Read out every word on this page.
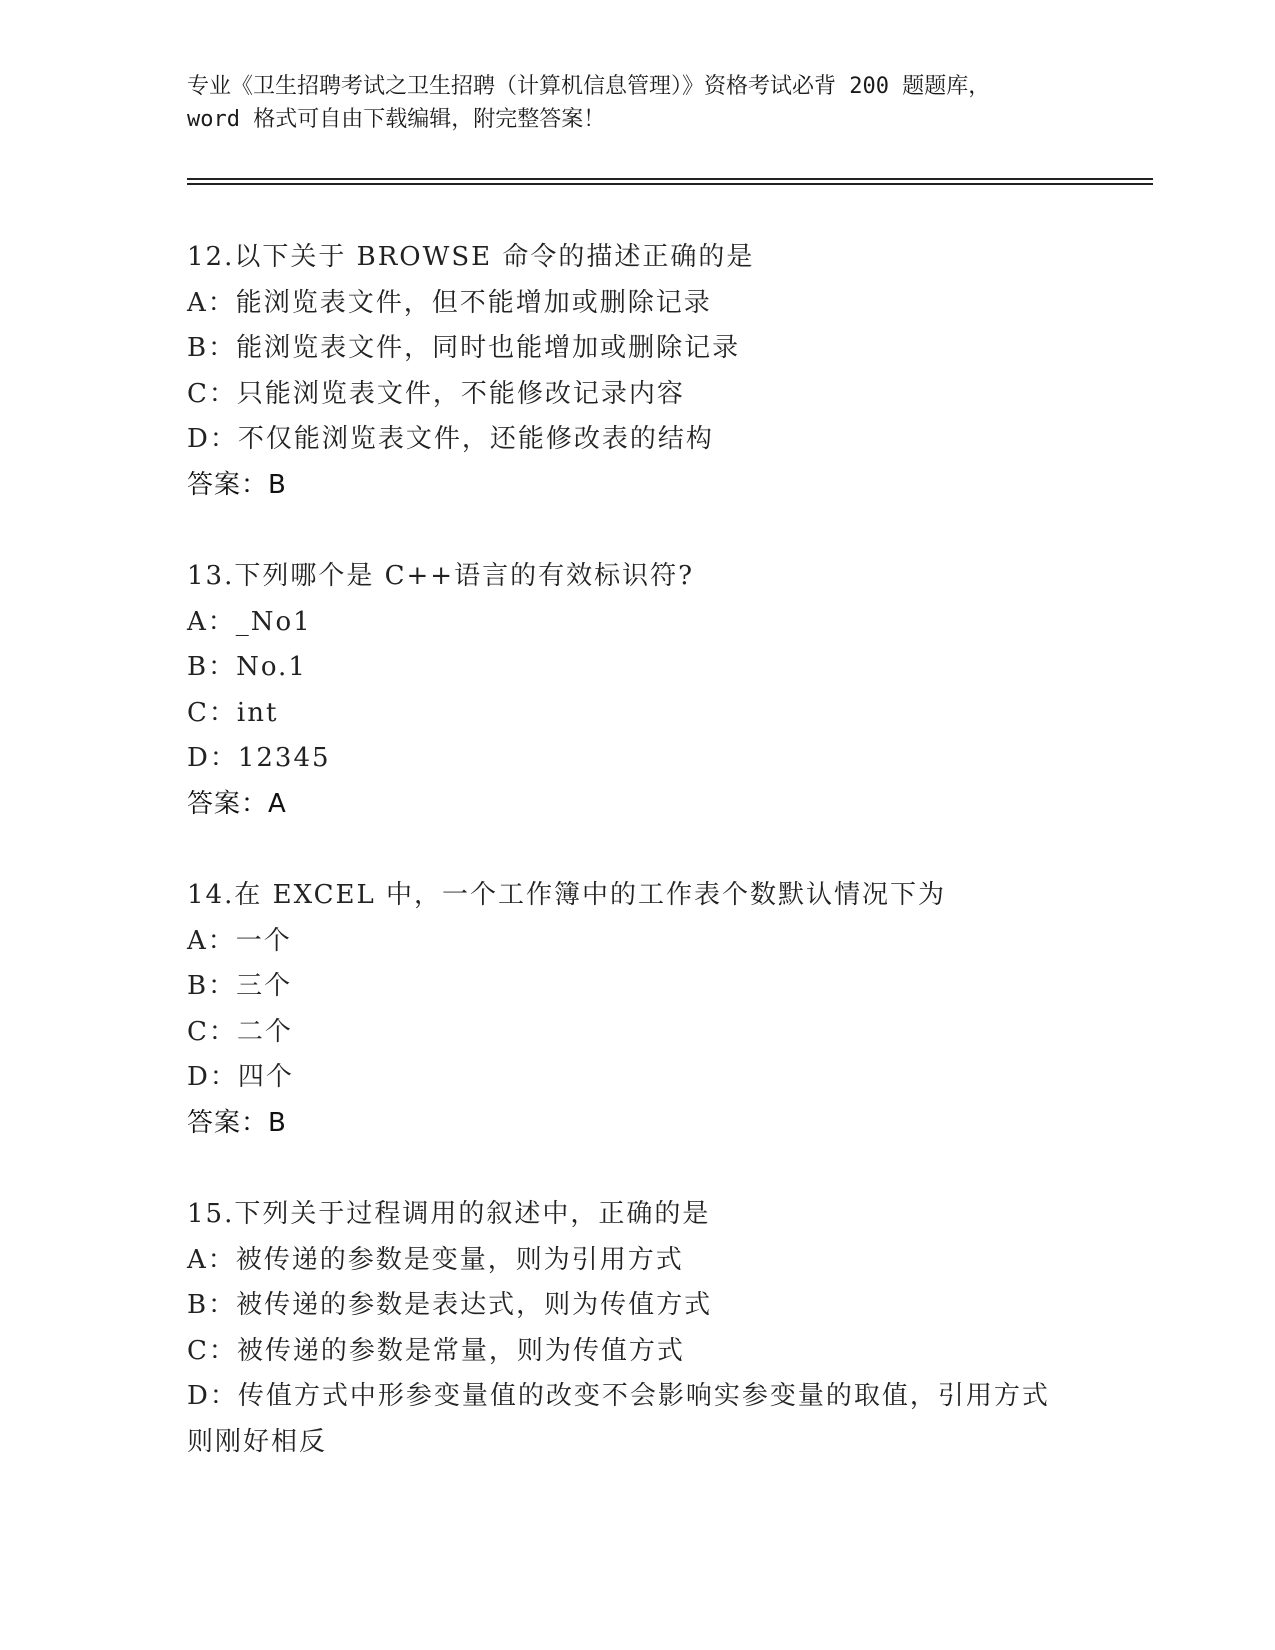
专业《卫生招聘考试之卫生招聘（计算机信息管理）》资格考试必背 200 题题库，
word 格式可自由下载编辑，附完整答案！
12.以下关于 BROWSE 命令的描述正确的是
A：能浏览表文件，但不能增加或删除记录
B：能浏览表文件，同时也能增加或删除记录
C：只能浏览表文件，不能修改记录内容
D：不仅能浏览表文件，还能修改表的结构
答案：B
13.下列哪个是 C++语言的有效标识符?
A：_No1
B：No.1
C：int
D：12345
答案：A
14.在 EXCEL 中，一个工作簿中的工作表个数默认情况下为
A：一个
B：三个
C：二个
D：四个
答案：B
15.下列关于过程调用的叙述中，正确的是
A：被传递的参数是变量，则为引用方式
B：被传递的参数是表达式，则为传值方式
C：被传递的参数是常量，则为传值方式
D：传值方式中形参变量值的改变不会影响实参变量的取值，引用方式
则刚好相反
